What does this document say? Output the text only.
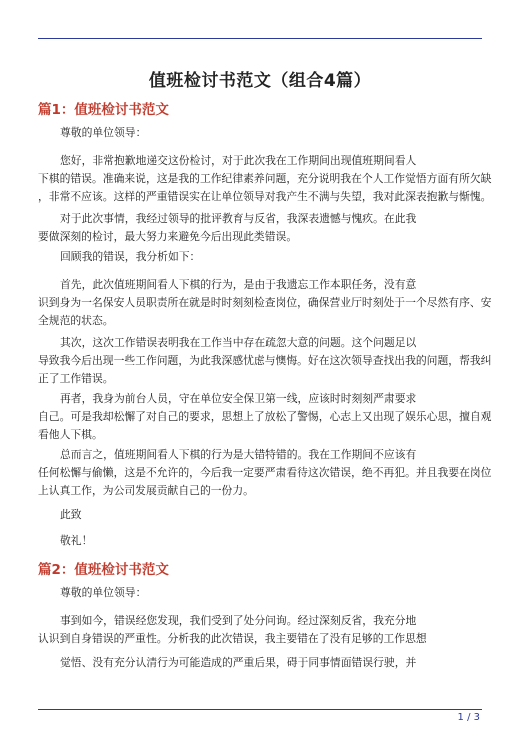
值班检讨书范文（组合4篇）
篇1：值班检讨书范文
尊敬的单位领导：
您好，非常抱歉地递交这份检讨，对于此次我在工作期间出现值班期间看人
下棋的错误。准确来说，这是我的工作纪律素养问题，充分说明我在个人工作觉悟方面有所欠缺
，非常不应该。这样的严重错误实在让单位领导对我产生不满与失望，我对此深表抱歉与惭愧。
对于此次事情，我经过领导的批评教育与反省，我深表遗憾与愧疚。在此我
要做深刻的检讨，最大努力来避免今后出现此类错误。
回顾我的错误，我分析如下：
首先，此次值班期间看人下棋的行为，是由于我遗忘工作本职任务，没有意
识到身为一名保安人员职责所在就是时时刻刻检查岗位，确保营业厅时刻处于一个尽然有序、安
全规范的状态。
其次，这次工作错误表明我在工作当中存在疏忽大意的问题。这个问题足以
导致我今后出现一些工作问题，为此我深感忧虑与懊悔。好在这次领导查找出我的问题，帮我纠
正了工作错误。
再者，我身为前台人员，守在单位安全保卫第一线，应该时时刻刻严肃要求
自己。可是我却松懈了对自己的要求，思想上了放松了警惕，心志上又出现了娱乐心思，擅自观
看他人下棋。
总而言之，值班期间看人下棋的行为是大错特错的。我在工作期间不应该有
任何松懈与偷懒，这是不允许的，今后我一定要严肃看待这次错误，绝不再犯。并且我要在岗位
上认真工作，为公司发展贡献自己的一份力。
此致
敬礼！
篇2：值班检讨书范文
尊敬的单位领导：
事到如今，错误经您发现，我们受到了处分问询。经过深刻反省，我充分地
认识到自身错误的严重性。分析我的此次错误，我主要错在了没有足够的工作思想
觉悟、没有充分认清行为可能造成的严重后果，碍于同事情面错误行驶，并
1 / 3
